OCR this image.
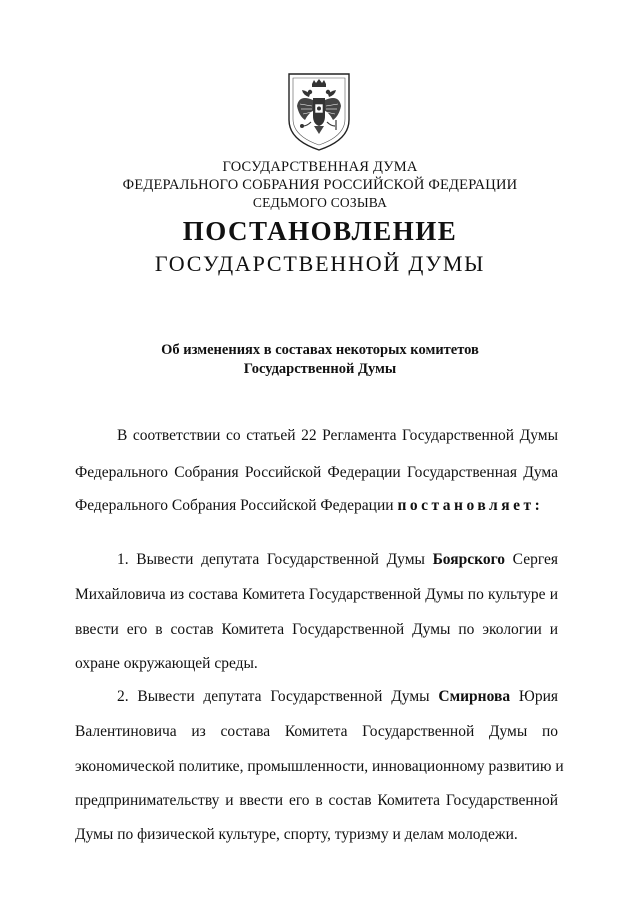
ГОСУДАРСТВЕННАЯ ДУМА
ФЕДЕРАЛЬНОГО СОБРАНИЯ РОССИЙСКОЙ ФЕДЕРАЦИИ
СЕДЬМОГО СОЗЫВА
ПОСТАНОВЛЕНИЕ
ГОСУДАРСТВЕННОЙ ДУМЫ
Об изменениях в составах некоторых комитетов
Государственной Думы
В соответствии со статьей 22 Регламента Государственной Думы
Федерального Собрания Российской Федерации Государственная Дума
Федерального Собрания Российской Федерации постановляет:
1. Вывести депутата Государственной Думы Боярского Сергея
Михайловича из состава Комитета Государственной Думы по культуре и
ввести его в состав Комитета Государственной Думы по экологии и
охране окружающей среды.
2. Вывести депутата Государственной Думы Смирнова Юрия
Валентиновича из состава Комитета Государственной Думы по
экономической политике, промышленности, инновационному развитию и
предпринимательству и ввести его в состав Комитета Государственной
Думы по физической культуре, спорту, туризму и делам молодежи.
